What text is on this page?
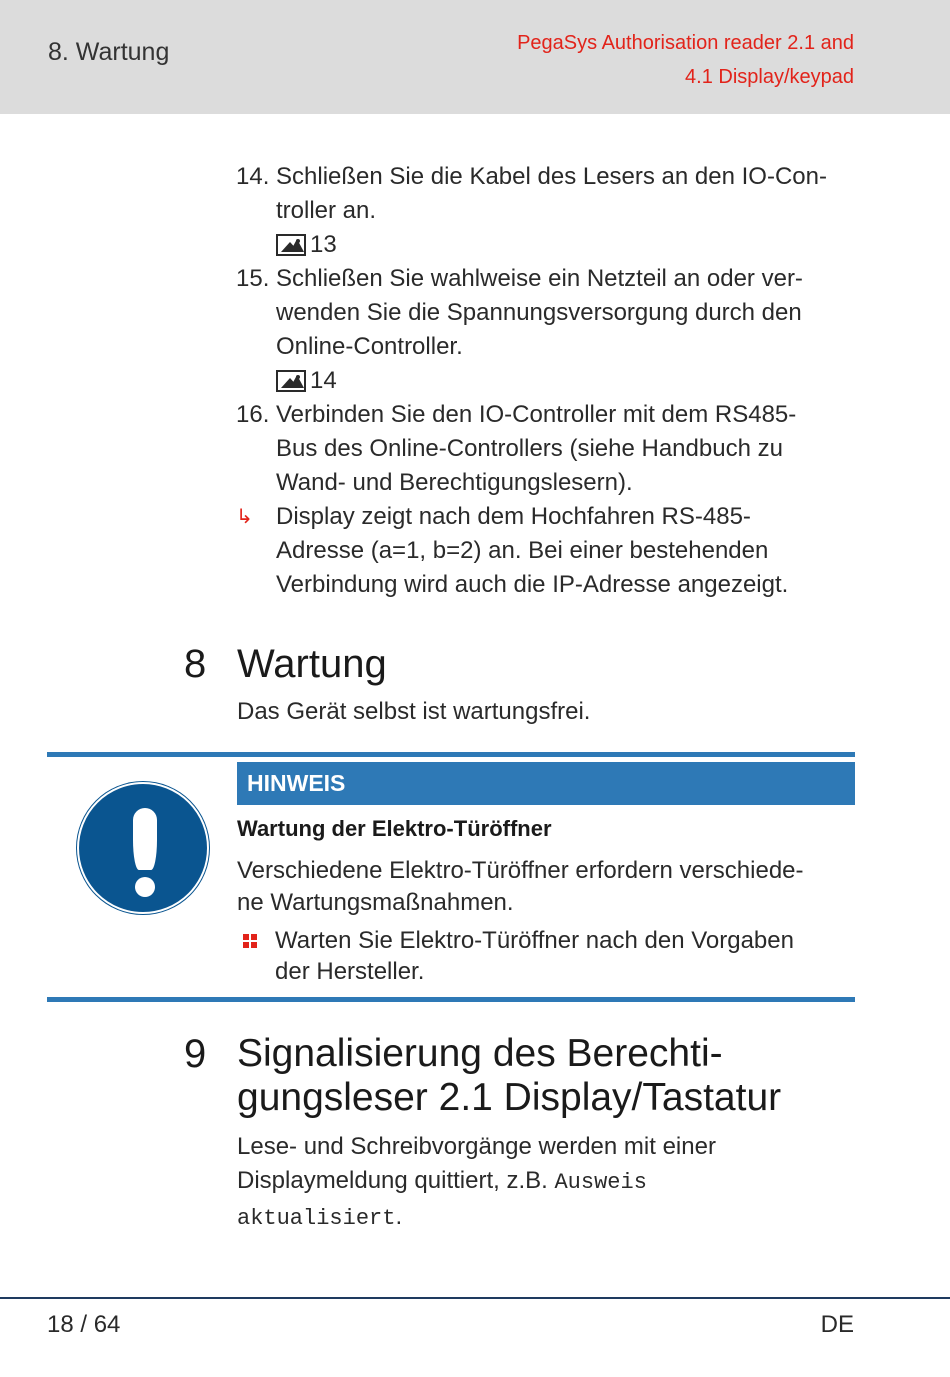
8. Wartung	PegaSys Authorisation reader 2.1 and
4.1 Display/keypad
14. Schließen Sie die Kabel des Lesers an den IO-Con-
troller an.
13
15. Schließen Sie wahlweise ein Netzteil an oder ver-
wenden Sie die Spannungsversorgung durch den
Online-Controller.
14
16. Verbinden Sie den IO-Controller mit dem RS485-
Bus des Online-Controllers (siehe Handbuch zu
Wand- und Berechtigungslesern).
↳ Display zeigt nach dem Hochfahren RS-485-
Adresse (a=1, b=2) an. Bei einer bestehenden
Verbindung wird auch die IP-Adresse angezeigt.
8 Wartung
Das Gerät selbst ist wartungsfrei.
HINWEIS
Wartung der Elektro-Türöffner
Verschiedene Elektro-Türöffner erfordern verschiede-
ne Wartungsmaßnahmen.
Warten Sie Elektro-Türöffner nach den Vorgaben
der Hersteller.
9 Signalisierung des Berechti-
gungsleser 2.1 Display/Tastatur
Lese- und Schreibvorgänge werden mit einer
Displaymeldung quittiert, z.B. Ausweis
aktualisiert.
18 / 64	DE
